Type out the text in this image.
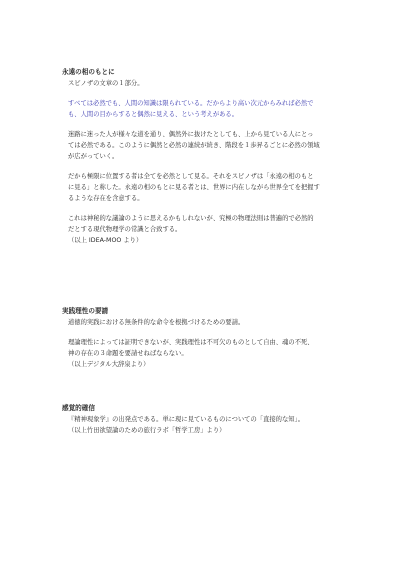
永遠の相のもとに

スピノザの文章の１部分。

すべては必然でも、人間の知識は限られている。だからより高い次元からみれば必然で

も、人間の目からすると偶然に見える、という考えがある。

迷路に迷った人が様々な道を通り、偶然外に抜けたとしても、上から見ている人にとっ

ては必然である。このように偶然と必然の連続が続き、階段を１歩昇るごとに必然の領域

が広がっていく。

だから極限に位置する者は全てを必然として見る。それをスピノザは「永遠の相のもと

に見る」と称した。永遠の相のもとに見る者とは、世界に内在しながら世界全てを把握す

るような存在を含意する。

これは神秘的な議論のように思えるかもしれないが、究極の物理法則は普遍的で必然的

だとする現代物理学の常識と合致する。

（以上 IDEA-MOO より）

実践理性の要請

道徳的実践における無条件的な命令を根拠づけるための要請。

理論理性によっては証明できないが、実践理性は不可欠のものとして自由、魂の不死、

神の存在の３命題を要請せねばならない。

（以上デジタル大辞泉より）

感覚的確信

『精神現象学』の出発点である。単に現に見ているものについての「直接的な知」。

（以上竹田欲望論のための旅行ラボ「哲学工房」より）
